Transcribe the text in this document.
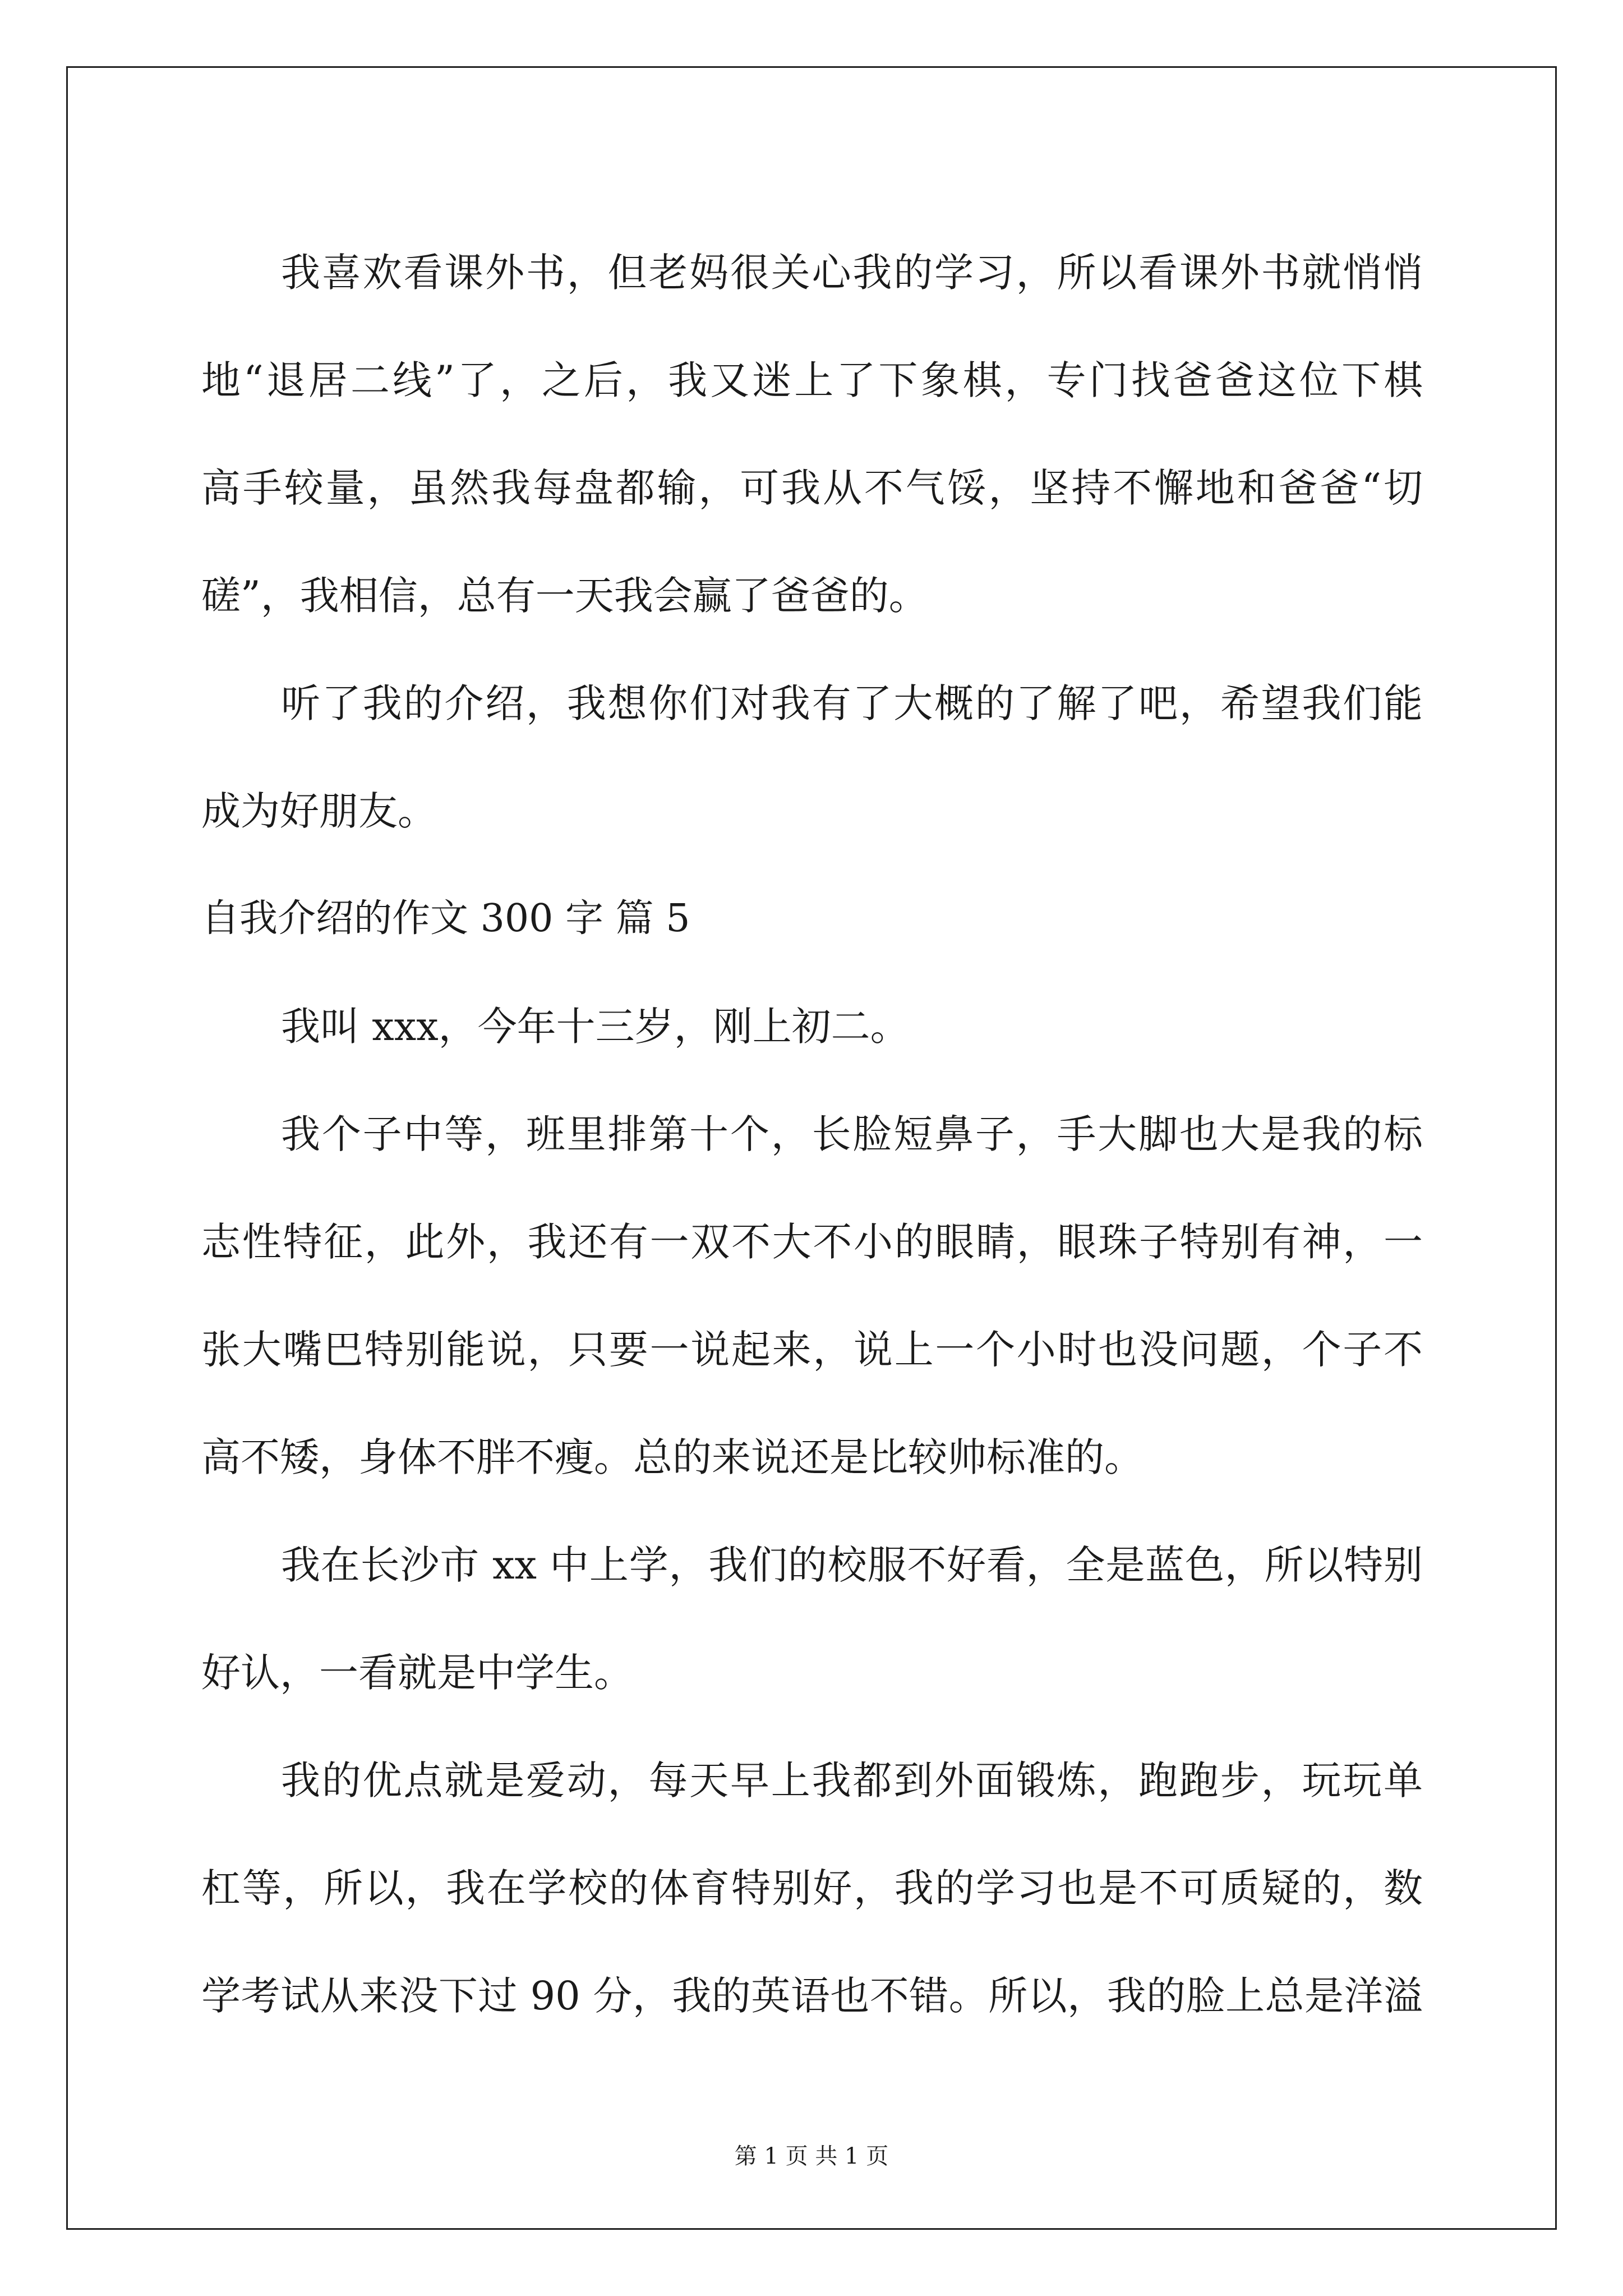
我喜欢看课外书，但老妈很关心我的学习，所以看课外书就悄悄

地“退居二线”了，之后，我又迷上了下象棋，专门找爸爸这位下棋

高手较量，虽然我每盘都输，可我从不气馁，坚持不懈地和爸爸“切

磋”，我相信，总有一天我会赢了爸爸的。

听了我的介绍，我想你们对我有了大概的了解了吧，希望我们能

成为好朋友。

自我介绍的作文 300 字 篇 5

我叫 xxx，今年十三岁，刚上初二。

我个子中等，班里排第十个，长脸短鼻子，手大脚也大是我的标

志性特征，此外，我还有一双不大不小的眼睛，眼珠子特别有神，一

张大嘴巴特别能说，只要一说起来，说上一个小时也没问题，个子不

高不矮，身体不胖不瘦。总的来说还是比较帅标准的。

我在长沙市 xx 中上学，我们的校服不好看，全是蓝色，所以特别

好认，一看就是中学生。

我的优点就是爱动，每天早上我都到外面锻炼，跑跑步，玩玩单

杠等，所以，我在学校的体育特别好，我的学习也是不可质疑的，数

学考试从来没下过 90 分，我的英语也不错。所以，我的脸上总是洋溢

第 1 页 共 1 页
